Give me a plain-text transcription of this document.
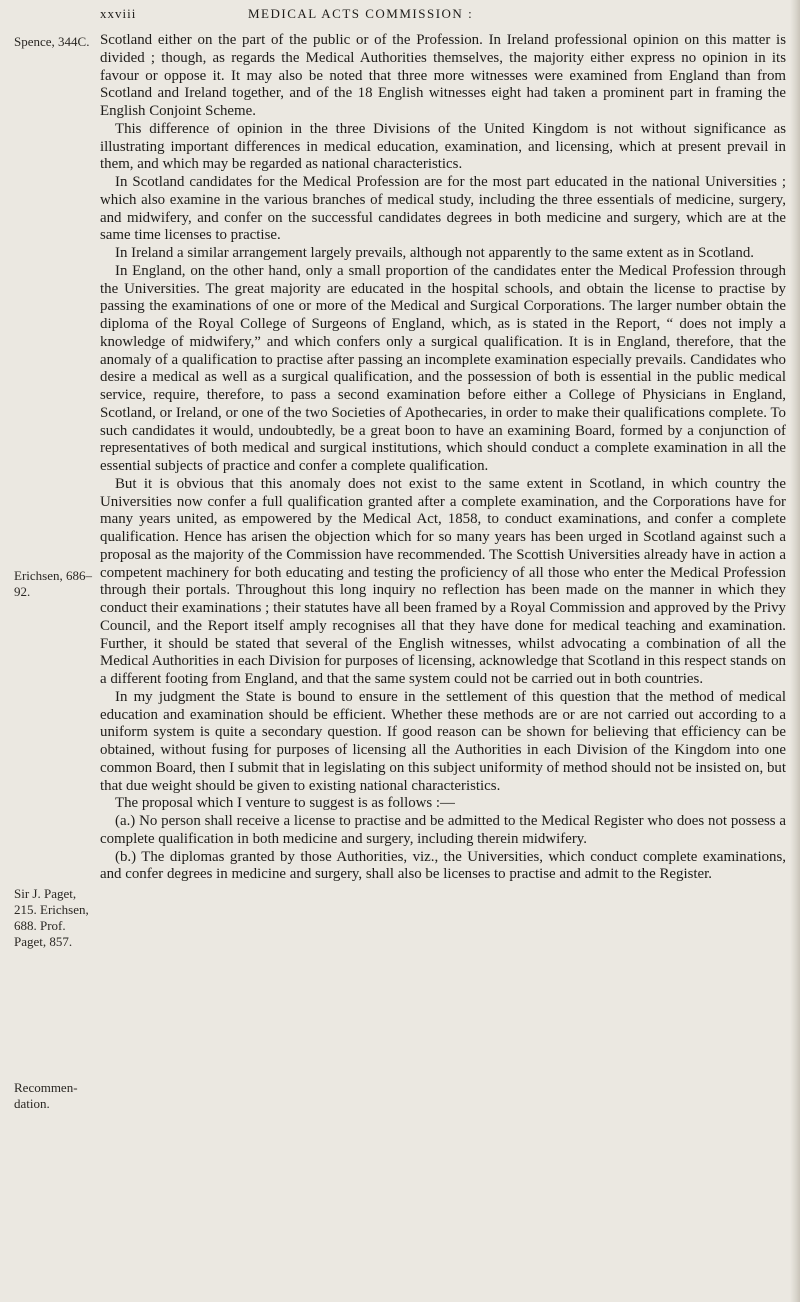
xxviii	MEDICAL ACTS COMMISSION :
Spence, 344C.
Erichsen, 686–92.
Sir J. Paget, 215. Erichsen, 688. Prof. Paget, 857.
Recommen-dation.

Scotland either on the part of the public or of the Profession. In Ireland professional opinion on this matter is divided ; though, as regards the Medical Authorities themselves, the majority either express no opinion in its favour or oppose it. It may also be noted that three more witnesses were examined from England than from Scotland and Ireland together, and of the 18 English witnesses eight had taken a prominent part in framing the English Conjoint Scheme.

This difference of opinion in the three Divisions of the United Kingdom is not without significance as illustrating important differences in medical education, examination, and licensing, which at present prevail in them, and which may be regarded as national characteristics.

In Scotland candidates for the Medical Profession are for the most part educated in the national Universities ; which also examine in the various branches of medical study, including the three essentials of medicine, surgery, and midwifery, and confer on the successful candidates degrees in both medicine and surgery, which are at the same time licenses to practise.

In Ireland a similar arrangement largely prevails, although not apparently to the same extent as in Scotland.

In England, on the other hand, only a small proportion of the candidates enter the Medical Profession through the Universities. The great majority are educated in the hospital schools, and obtain the license to practise by passing the examinations of one or more of the Medical and Surgical Corporations. The larger number obtain the diploma of the Royal College of Surgeons of England, which, as is stated in the Report, “ does not imply a knowledge of midwifery,” and which confers only a surgical qualification. It is in England, therefore, that the anomaly of a qualification to practise after passing an incomplete examination especially prevails. Candidates who desire a medical as well as a surgical qualification, and the possession of both is essential in the public medical service, require, therefore, to pass a second examination before either a College of Physicians in England, Scotland, or Ireland, or one of the two Societies of Apothecaries, in order to make their qualifications complete. To such candidates it would, undoubtedly, be a great boon to have an examining Board, formed by a conjunction of representatives of both medical and surgical institutions, which should conduct a complete examination in all the essential subjects of practice and confer a complete qualification.

But it is obvious that this anomaly does not exist to the same extent in Scotland, in which country the Universities now confer a full qualification granted after a complete examination, and the Corporations have for many years united, as empowered by the Medical Act, 1858, to conduct examinations, and confer a complete qualification. Hence has arisen the objection which for so many years has been urged in Scotland against such a proposal as the majority of the Commission have recommended. The Scottish Universities already have in action a competent machinery for both educating and testing the proficiency of all those who enter the Medical Profession through their portals. Throughout this long inquiry no reflection has been made on the manner in which they conduct their examinations ; their statutes have all been framed by a Royal Commission and approved by the Privy Council, and the Report itself amply recognises all that they have done for medical teaching and examination. Further, it should be stated that several of the English witnesses, whilst advocating a combination of all the Medical Authorities in each Division for purposes of licensing, acknowledge that Scotland in this respect stands on a different footing from England, and that the same system could not be carried out in both countries.

In my judgment the State is bound to ensure in the settlement of this question that the method of medical education and examination should be efficient. Whether these methods are or are not carried out according to a uniform system is quite a secondary question. If good reason can be shown for believing that efficiency can be obtained, without fusing for purposes of licensing all the Authorities in each Division of the Kingdom into one common Board, then I submit that in legislating on this subject uniformity of method should not be insisted on, but that due weight should be given to existing national characteristics.

The proposal which I venture to suggest is as follows :—

(a.) No person shall receive a license to practise and be admitted to the Medical Register who does not possess a complete qualification in both medicine and surgery, including therein midwifery.

(b.) The diplomas granted by those Authorities, viz., the Universities, which conduct complete examinations, and confer degrees in medicine and surgery, shall also be licenses to practise and admit to the Register.
